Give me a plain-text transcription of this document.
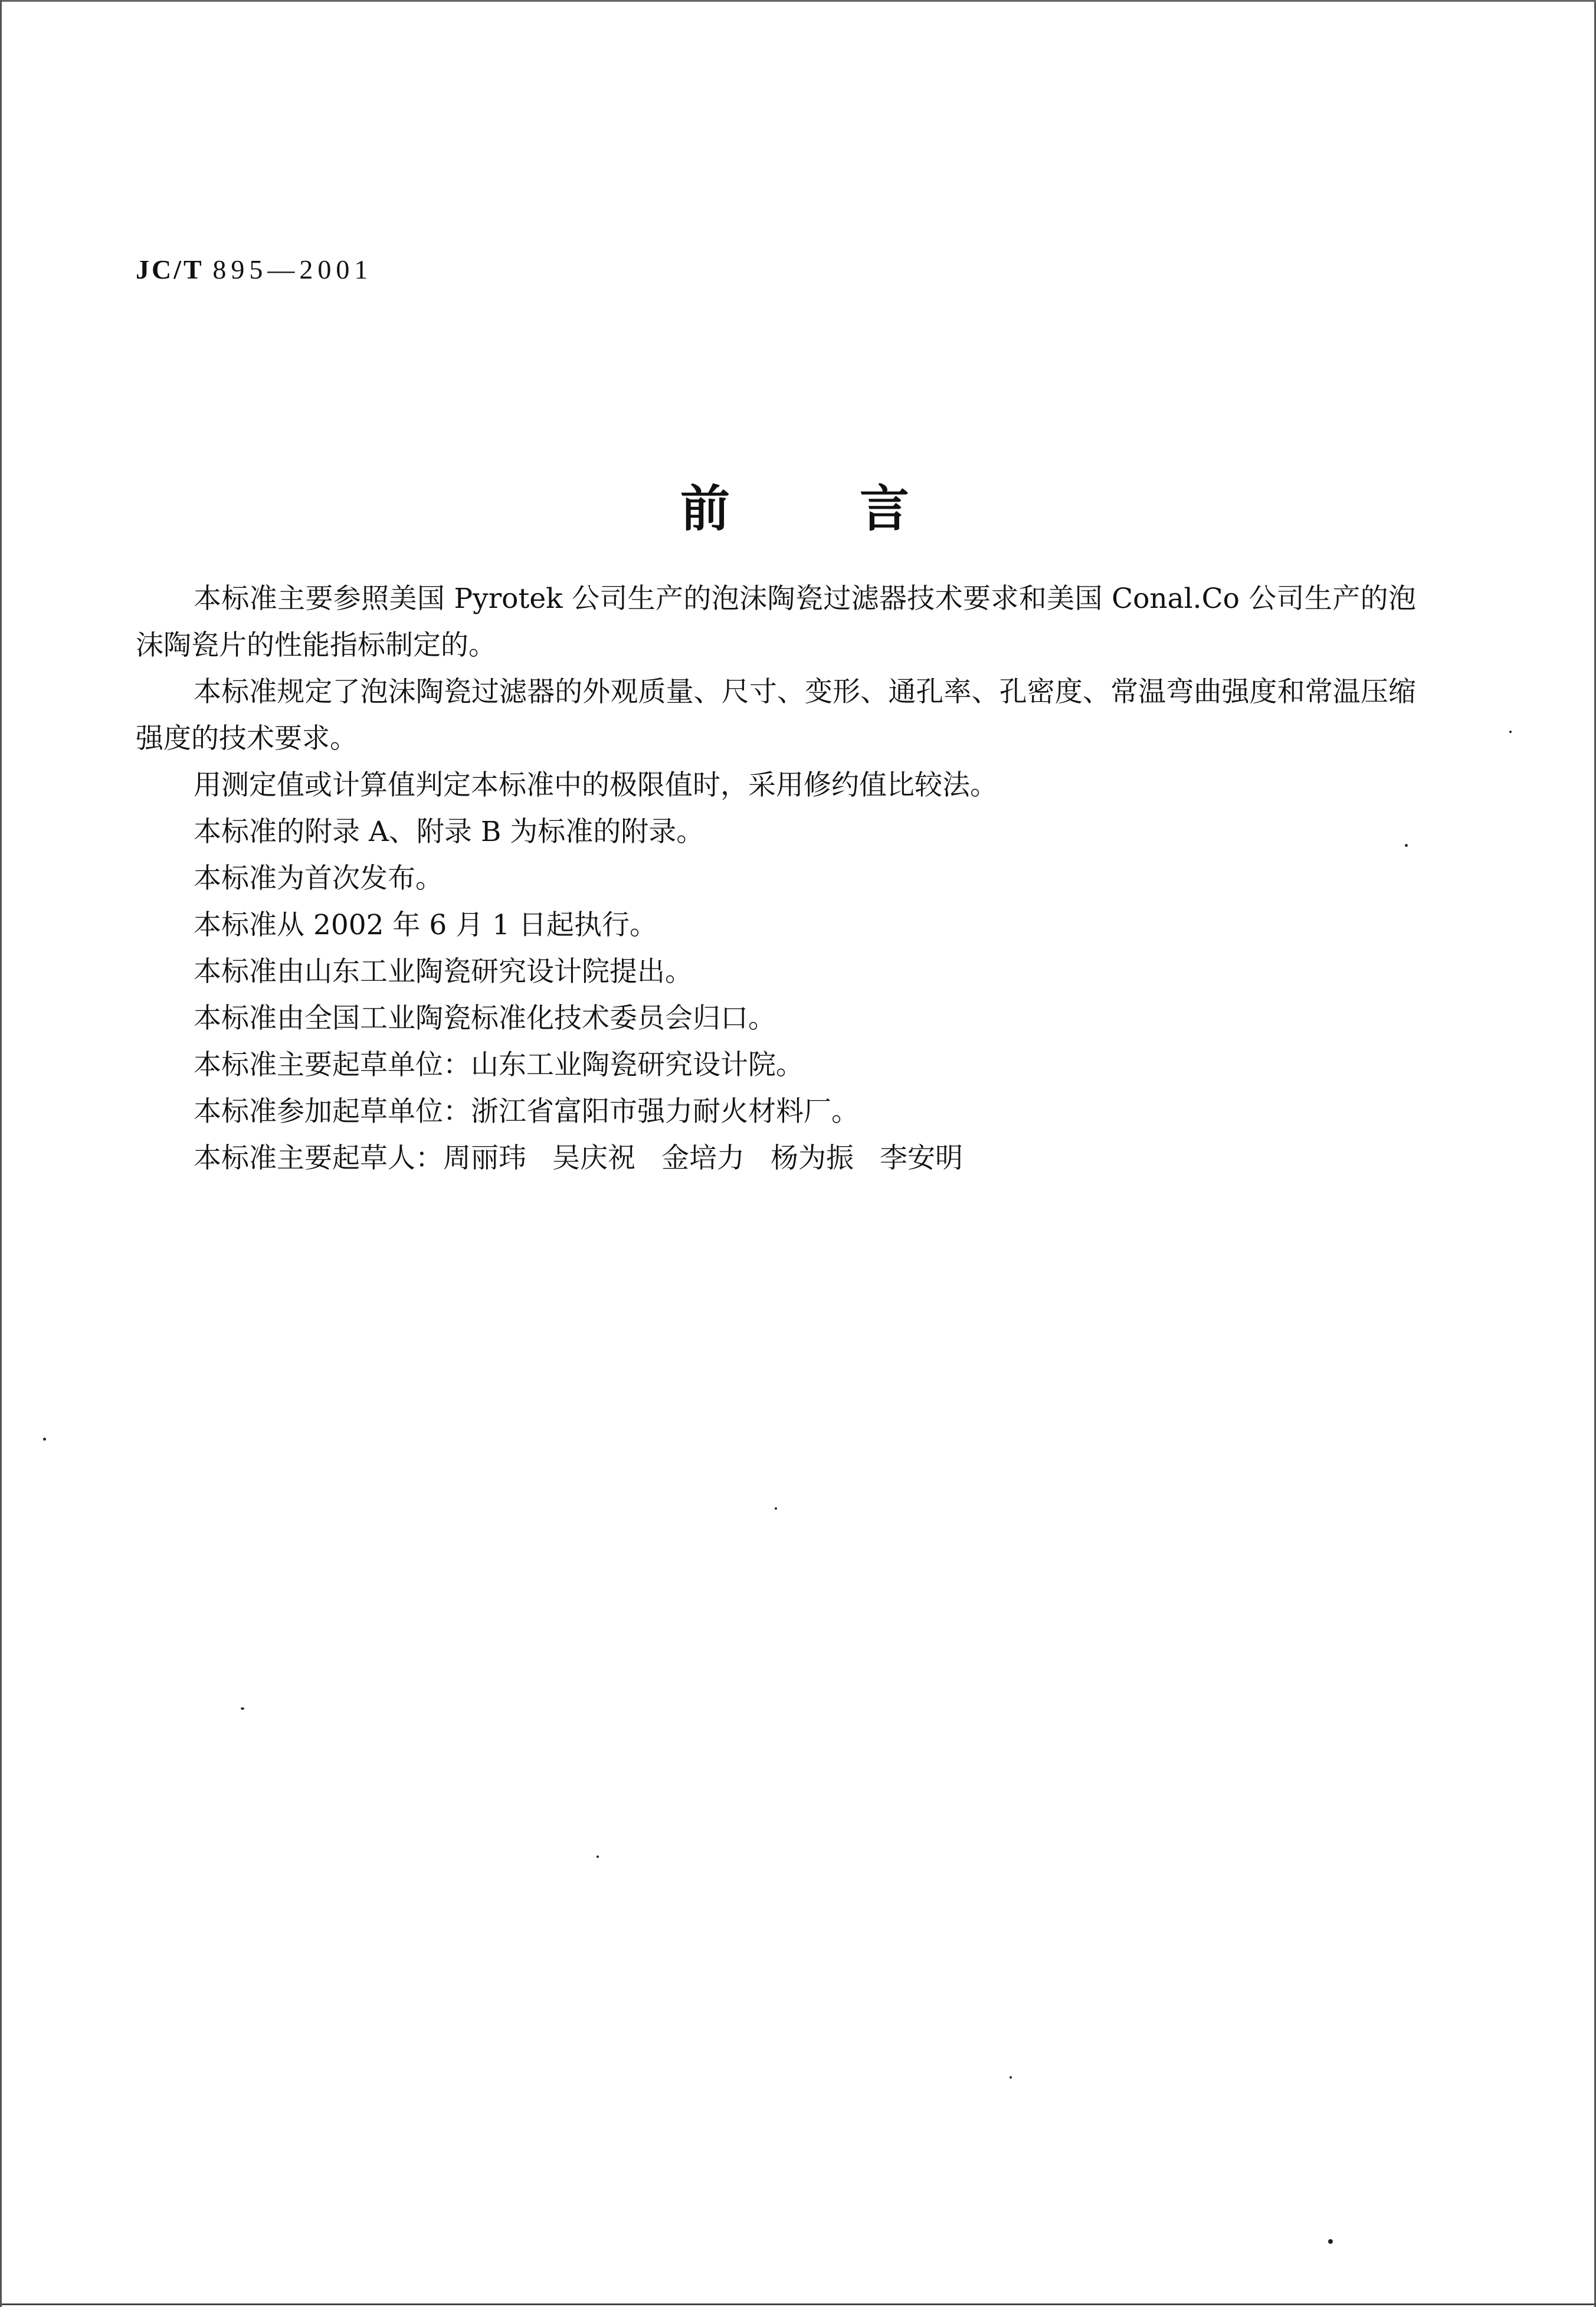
JC/T 895—2001
前言

本标准主要参照美国 Pyrotek 公司生产的泡沫陶瓷过滤器技术要求和美国 Conal.Co 公司生产的泡沫陶瓷片的性能指标制定的。

本标准规定了泡沫陶瓷过滤器的外观质量、尺寸、变形、通孔率、孔密度、常温弯曲强度和常温压缩强度的技术要求。

用测定值或计算值判定本标准中的极限值时，采用修约值比较法。

本标准的附录 A、附录 B 为标准的附录。

本标准为首次发布。

本标准从 2002 年 6 月 1 日起执行。

本标准由山东工业陶瓷研究设计院提出。

本标准由全国工业陶瓷标准化技术委员会归口。

本标准主要起草单位：山东工业陶瓷研究设计院。

本标准参加起草单位：浙江省富阳市强力耐火材料厂。

本标准主要起草人：周丽玮 吴庆祝 金培力 杨为振 李安明
